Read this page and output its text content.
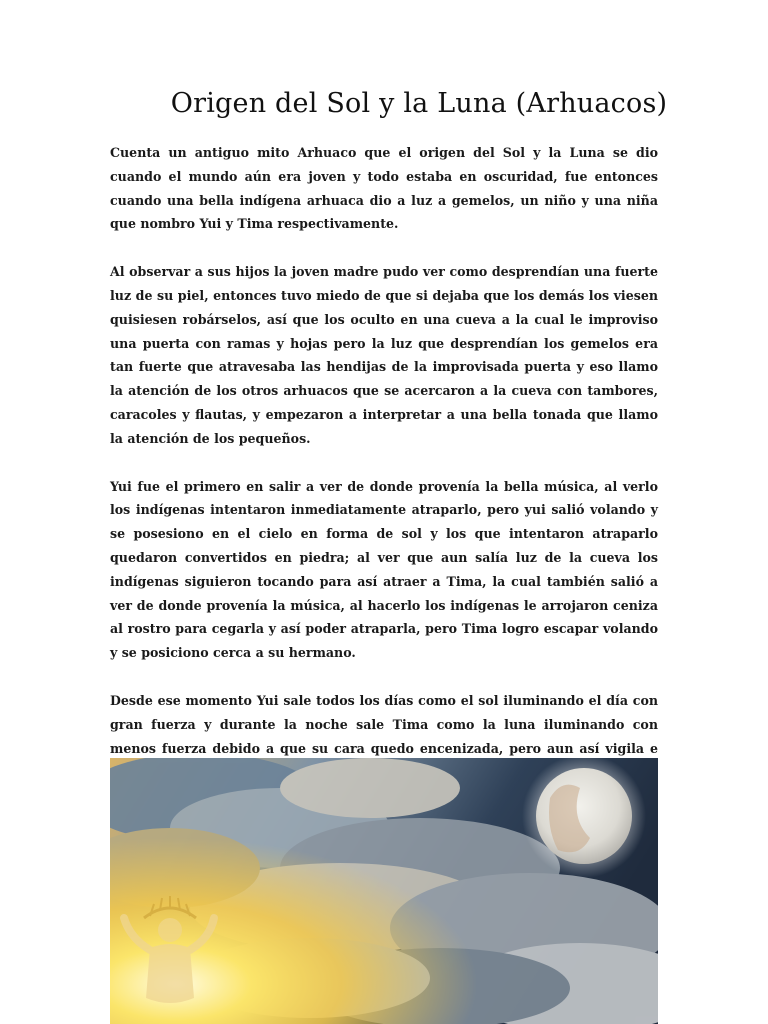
Origen del Sol y la Luna (Arhuacos)

Cuenta un antiguo mito Arhuaco que el origen del Sol y la Luna se dio cuando el mundo aún era joven y todo estaba en oscuridad, fue entonces cuando una bella indígena arhuaca dio a luz a gemelos, un niño y una niña que nombro Yui y Tima respectivamente.

Al observar a sus hijos la joven madre pudo ver como desprendían una fuerte luz de su piel, entonces tuvo miedo de que si dejaba que los demás los viesen quisiesen robárselos, así que los oculto en una cueva a la cual le improviso una puerta con ramas y hojas pero la luz que desprendían los gemelos era tan fuerte que atravesaba las hendijas de la improvisada puerta y eso llamo la atención de los otros arhuacos que se acercaron a la cueva con tambores, caracoles y flautas, y empezaron a interpretar a una bella tonada que llamo la atención de los pequeños.

Yui fue el primero en salir a ver de donde provenía la bella música, al verlo los indígenas intentaron inmediatamente atraparlo, pero yui salió volando y se posesiono en el cielo en forma de sol y los que intentaron atraparlo quedaron convertidos en piedra; al ver que aun salía luz de la cueva los indígenas siguieron tocando para así atraer a Tima, la cual también salió a ver de donde provenía la música, al hacerlo los indígenas le arrojaron ceniza al rostro para cegarla y así poder atraparla, pero Tima logro escapar volando y se posiciono cerca a su hermano.

Desde ese momento Yui sale todos los días como el sol iluminando el día con gran fuerza y durante la noche sale Tima como la luna iluminando con menos fuerza debido a que su cara quedo encenizada, pero aun así vigila e
